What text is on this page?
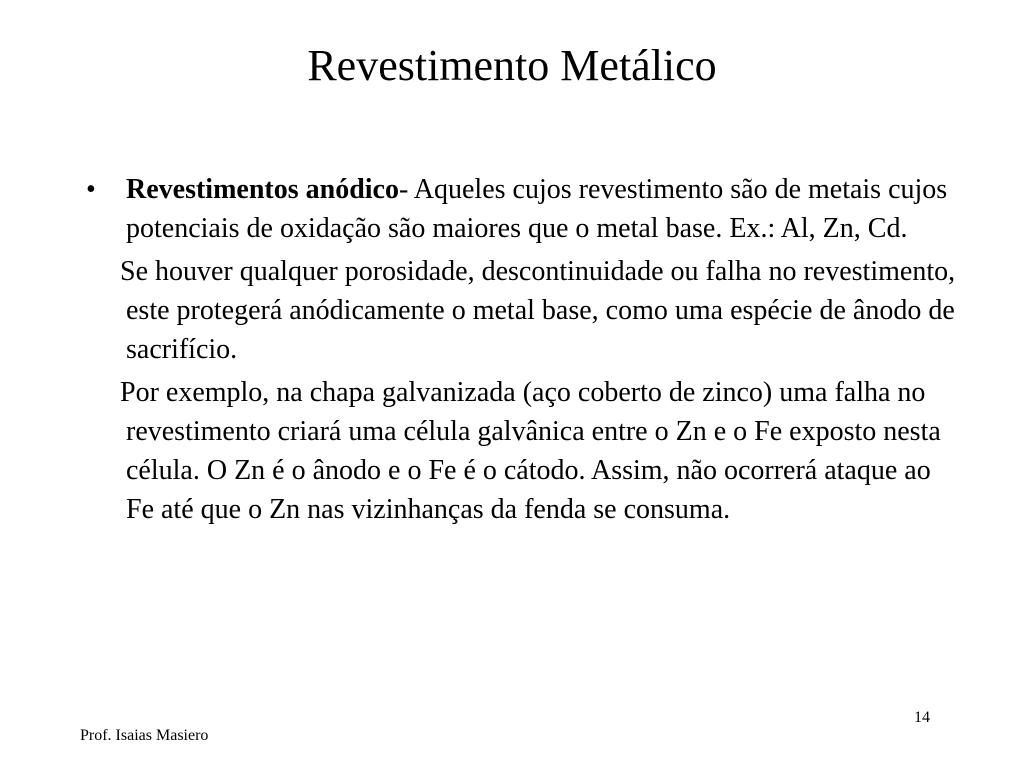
Revestimento Metálico

• Revestimentos anódico- Aqueles cujos revestimento são de metais cujos potenciais de oxidação são maiores que o metal base. Ex.: Al, Zn, Cd.

Se houver qualquer porosidade, descontinuidade ou falha no revestimento, este protegerá anódicamente o metal base, como uma espécie de ânodo de sacrifício.

Por exemplo, na chapa galvanizada (aço coberto de zinco) uma falha no revestimento criará uma célula galvânica entre o Zn e o Fe exposto nesta célula. O Zn é o ânodo e o Fe é o cátodo. Assim, não ocorrerá ataque ao Fe até que o Zn nas vizinhanças da fenda se consuma.

Prof. Isaias Masiero
14
